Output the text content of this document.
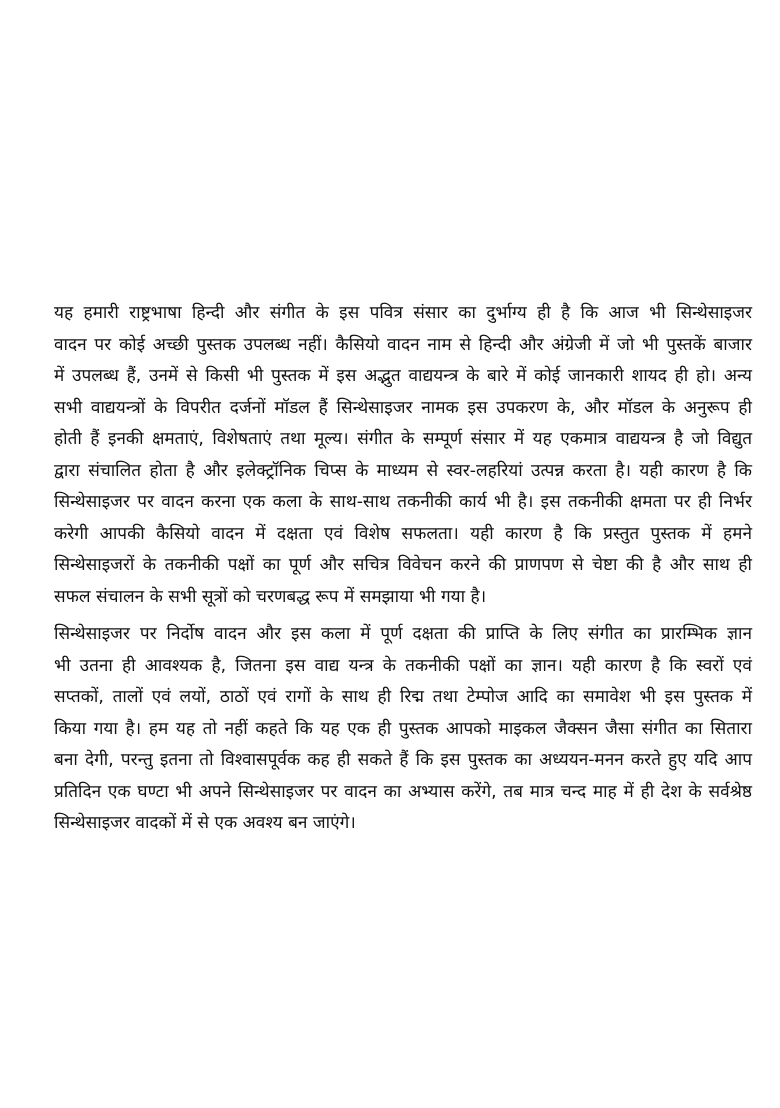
यह हमारी राष्ट्रभाषा हिन्दी और संगीत के इस पवित्र संसार का दुर्भाग्य ही है कि आज भी सिन्थेसाइजर
वादन पर कोई अच्छी पुस्तक उपलब्ध नहीं। कैसियो वादन नाम से हिन्दी और अंग्रेजी में जो भी पुस्तकें बाजार
में उपलब्ध हैं, उनमें से किसी भी पुस्तक में इस अद्भुत वाद्ययन्त्र के बारे में कोई जानकारी शायद ही हो। अन्य
सभी वाद्ययन्त्रों के विपरीत दर्जनों मॉडल हैं सिन्थेसाइजर नामक इस उपकरण के, और मॉडल के अनुरूप ही
होती हैं इनकी क्षमताएं, विशेषताएं तथा मूल्य। संगीत के सम्पूर्ण संसार में यह एकमात्र वाद्ययन्त्र है जो विद्युत
द्वारा संचालित होता है और इलेक्ट्रॉनिक चिप्स के माध्यम से स्वर-लहरियां उत्पन्न करता है। यही कारण है कि
सिन्थेसाइजर पर वादन करना एक कला के साथ-साथ तकनीकी कार्य भी है। इस तकनीकी क्षमता पर ही निर्भर
करेगी आपकी कैसियो वादन में दक्षता एवं विशेष सफलता। यही कारण है कि प्रस्तुत पुस्तक में हमने
सिन्थेसाइजरों के तकनीकी पक्षों का पूर्ण और सचित्र विवेचन करने की प्राणपण से चेष्टा की है और साथ ही
सफल संचालन के सभी सूत्रों को चरणबद्ध रूप में समझाया भी गया है।
सिन्थेसाइजर पर निर्दोष वादन और इस कला में पूर्ण दक्षता की प्राप्ति के लिए संगीत का प्रारम्भिक ज्ञान
भी उतना ही आवश्यक है, जितना इस वाद्य यन्त्र के तकनीकी पक्षों का ज्ञान। यही कारण है कि स्वरों एवं
सप्तकों, तालों एवं लयों, ठाठों एवं रागों के साथ ही रिद्म तथा टेम्पोज आदि का समावेश भी इस पुस्तक में
किया गया है। हम यह तो नहीं कहते कि यह एक ही पुस्तक आपको माइकल जैक्सन जैसा संगीत का सितारा
बना देगी, परन्तु इतना तो विश्वासपूर्वक कह ही सकते हैं कि इस पुस्तक का अध्ययन-मनन करते हुए यदि आप
प्रतिदिन एक घण्टा भी अपने सिन्थेसाइजर पर वादन का अभ्यास करेंगे, तब मात्र चन्द माह में ही देश के सर्वश्रेष्ठ
सिन्थेसाइजर वादकों में से एक अवश्य बन जाएंगे।
